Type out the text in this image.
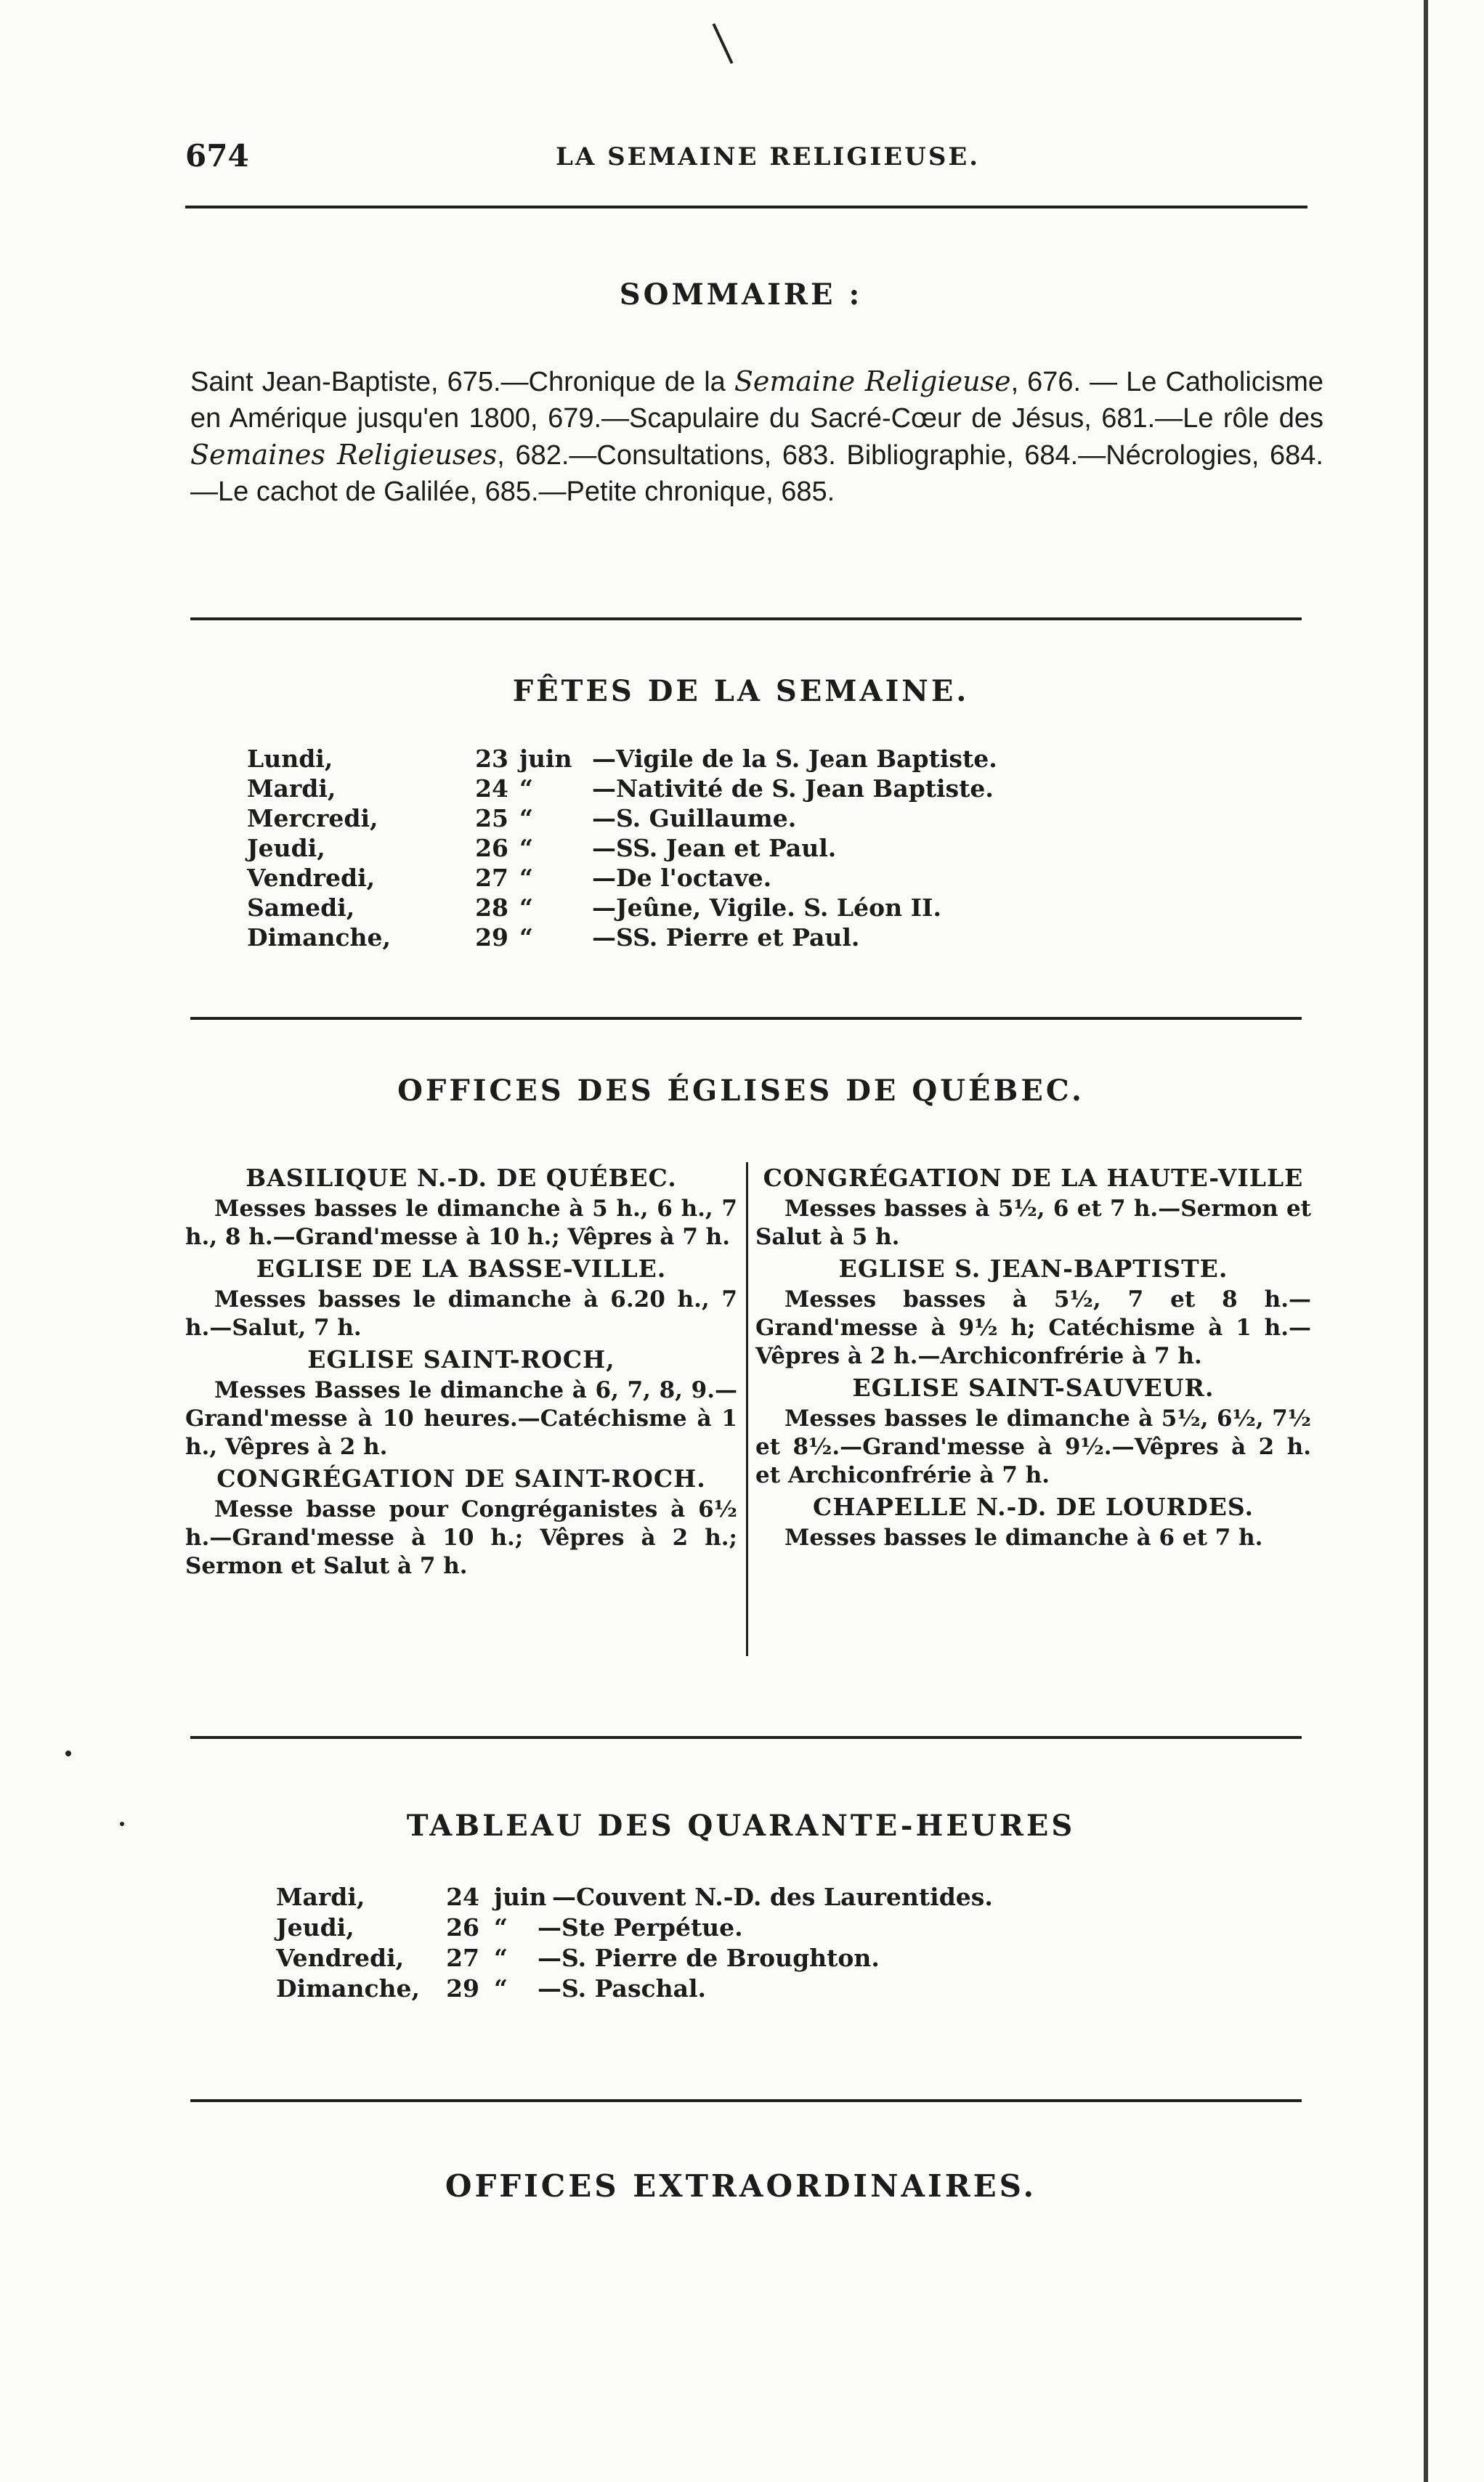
674	LA SEMAINE RELIGIEUSE.
SOMMAIRE :
Saint Jean-Baptiste, 675.—Chronique de la Semaine Religieuse, 676. — Le Catholicisme en Amérique jusqu'en 1800, 679.—Scapulaire du Sacré-Cœur de Jésus, 681.—Le rôle des Semaines Religieuses, 682.—Consultations, 683. Bibliographie, 684.—Nécrologies, 684.—Le cachot de Galilée, 685.—Petite chronique, 685.
FÊTES DE LA SEMAINE.
Lundi,	23 juin —Vigile de la S. Jean Baptiste.
Mardi,	24 “ —Nativité de S. Jean Baptiste.
Mercredi,	25 “ —S. Guillaume.
Jeudi,	26 “ —SS. Jean et Paul.
Vendredi,	27 “ —De l'octave.
Samedi,	28 “ —Jeûne, Vigile. S. Léon II.
Dimanche,	29 “ —SS. Pierre et Paul.
OFFICES DES ÉGLISES DE QUÉBEC.
BASILIQUE N.-D. DE QUÉBEC.

Messes basses le dimanche à 5 h., 6 h., 7 h., 8 h.—Grand'messe à 10 h.; Vêpres à 7 h.

EGLISE DE LA BASSE-VILLE.

Messes basses le dimanche à 6.20 h., 7 h.—Salut, 7 h.

EGLISE SAINT-ROCH,

Messes Basses le dimanche à 6, 7, 8, 9.—Grand'messe à 10 heures.—Catéchisme à 1 h., Vêpres à 2 h.

CONGRÉGATION DE SAINT-ROCH.

Messe basse pour Congréganistes à 6½ h.—Grand'messe à 10 h.; Vêpres à 2 h.; Sermon et Salut à 7 h.

CONGRÉGATION DE LA HAUTE-VILLE

Messes basses à 5½, 6 et 7 h.—Sermon et Salut à 5 h.

EGLISE S. JEAN-BAPTISTE.

Messes basses à 5½, 7 et 8 h.—Grand'messe à 9½ h; Catéchisme à 1 h.—Vêpres à 2 h.—Archiconfrérie à 7 h.

EGLISE SAINT-SAUVEUR.

Messes basses le dimanche à 5½, 6½, 7½ et 8½.—Grand'messe à 9½.—Vêpres à 2 h. et Archiconfrérie à 7 h.

CHAPELLE N.-D. DE LOURDES.

Messes basses le dimanche à 6 et 7 h.

TABLEAU DES QUARANTE-HEURES
Mardi,	24 juin —Couvent N.-D. des Laurentides.
Jeudi,	26 “ —Ste Perpétue.
Vendredi,	27 “ —S. Pierre de Broughton.
Dimanche,	29 “ —S. Paschal.
OFFICES EXTRAORDINAIRES.
